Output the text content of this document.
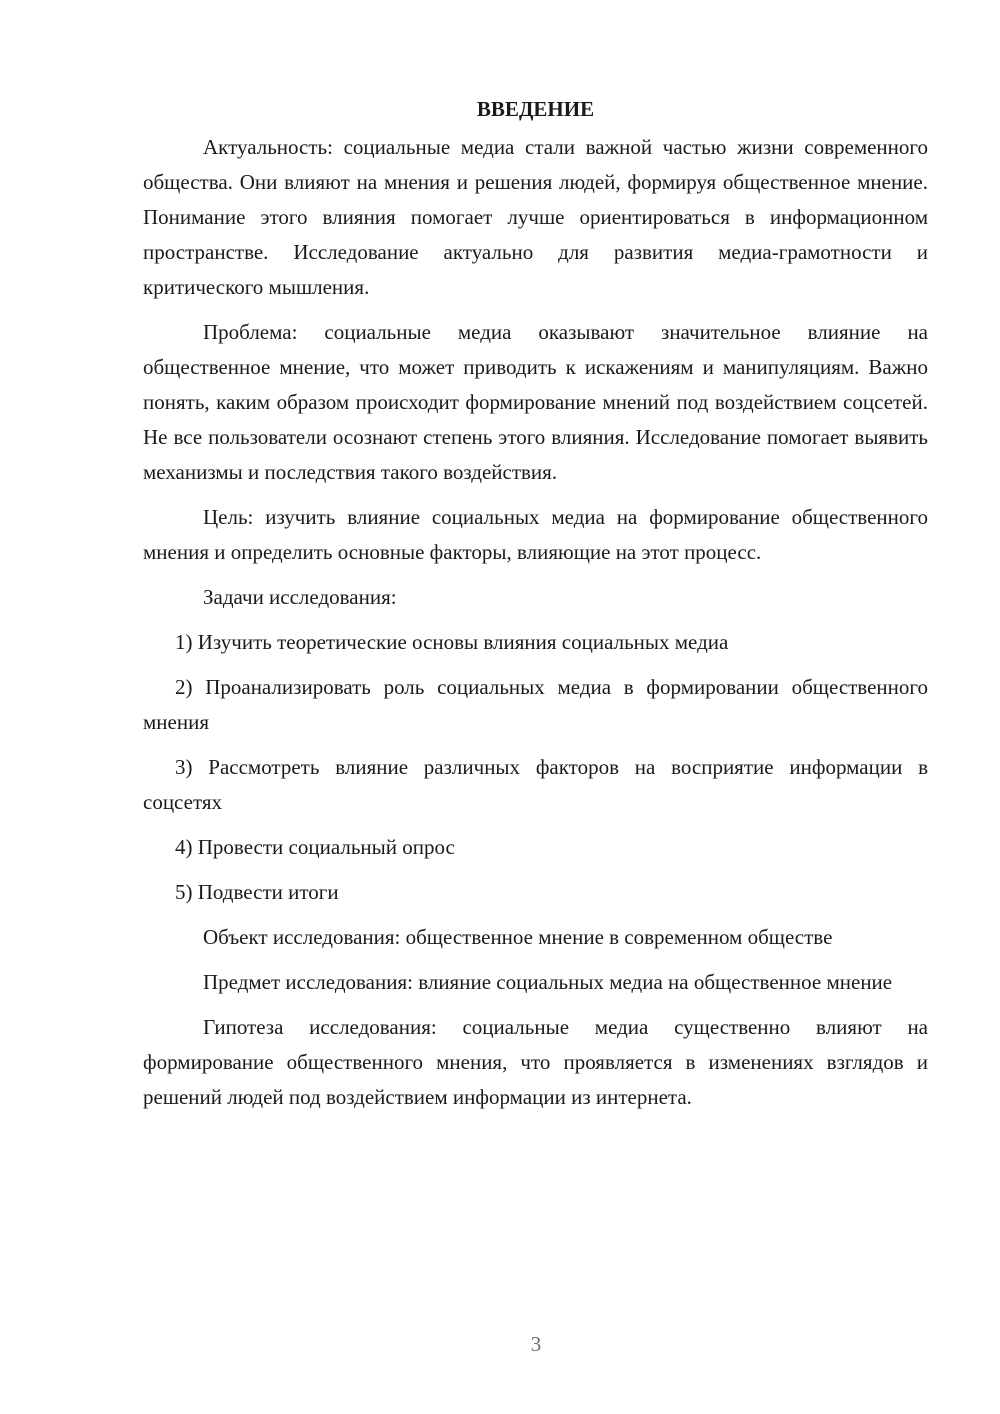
ВВЕДЕНИЕ

Актуальность: социальные медиа стали важной частью жизни современного общества. Они влияют на мнения и решения людей, формируя общественное мнение. Понимание этого влияния помогает лучше ориентироваться в информационном пространстве. Исследование актуально для развития медиа-грамотности и критического мышления.

Проблема: социальные медиа оказывают значительное влияние на общественное мнение, что может приводить к искажениям и манипуляциям. Важно понять, каким образом происходит формирование мнений под воздействием соцсетей. Не все пользователи осознают степень этого влияния. Исследование помогает выявить механизмы и последствия такого воздействия.

Цель: изучить влияние социальных медиа на формирование общественного мнения и определить основные факторы, влияющие на этот процесс.

Задачи исследования:

1) Изучить теоретические основы влияния социальных медиа

2) Проанализировать роль социальных медиа в формировании общественного мнения

3) Рассмотреть влияние различных факторов на восприятие информации в соцсетях

4) Провести социальный опрос

5) Подвести итоги

Объект исследования: общественное мнение в современном обществе

Предмет исследования: влияние социальных медиа на общественное мнение

Гипотеза исследования: социальные медиа существенно влияют на формирование общественного мнения, что проявляется в изменениях взглядов и решений людей под воздействием информации из интернета.

3
